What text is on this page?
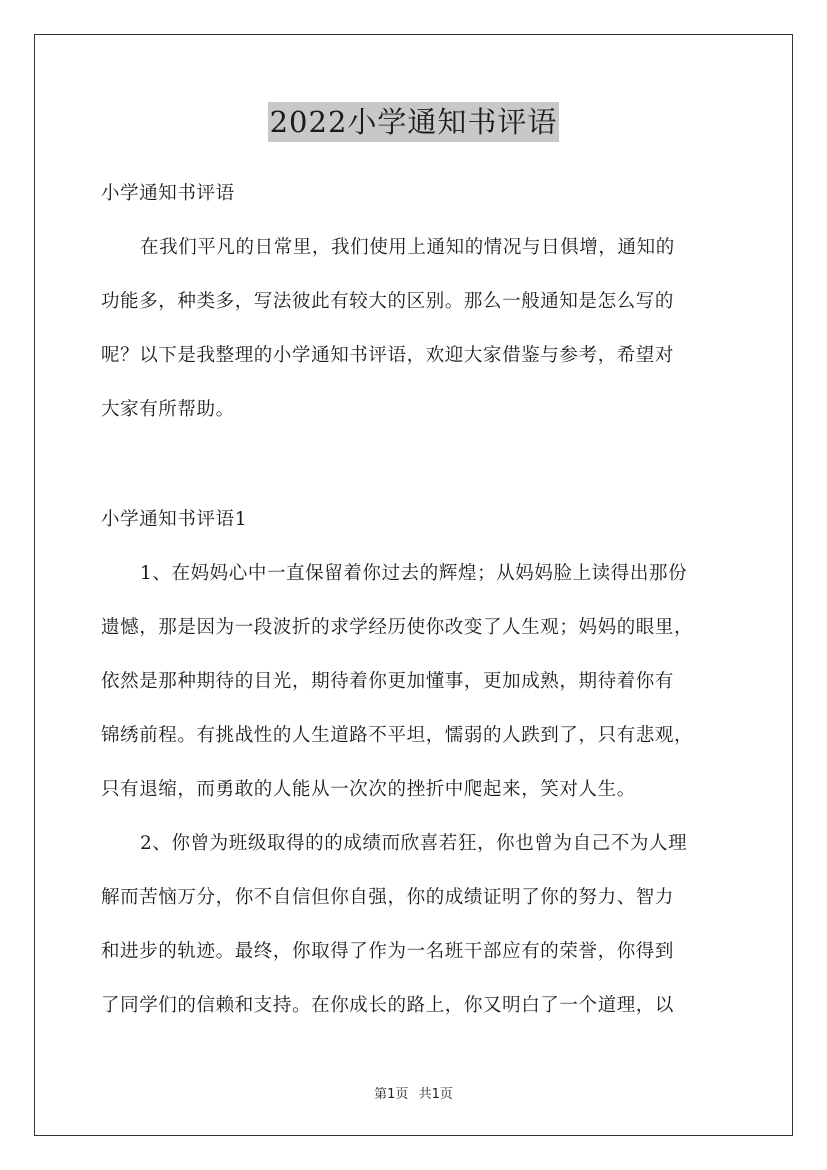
2022小学通知书评语
小学通知书评语
在我们平凡的日常里，我们使用上通知的情况与日俱增，通知的
功能多，种类多，写法彼此有较大的区别。那么一般通知是怎么写的
呢？以下是我整理的小学通知书评语，欢迎大家借鉴与参考，希望对
大家有所帮助。
小学通知书评语1
1、在妈妈心中一直保留着你过去的辉煌；从妈妈脸上读得出那份
遗憾，那是因为一段波折的求学经历使你改变了人生观；妈妈的眼里，
依然是那种期待的目光，期待着你更加懂事，更加成熟，期待着你有
锦绣前程。有挑战性的人生道路不平坦，懦弱的人跌到了，只有悲观，
只有退缩，而勇敢的人能从一次次的挫折中爬起来，笑对人生。
2、你曾为班级取得的的成绩而欣喜若狂，你也曾为自己不为人理
解而苦恼万分，你不自信但你自强，你的成绩证明了你的努力、智力
和进步的轨迹。最终，你取得了作为一名班干部应有的荣誉，你得到
了同学们的信赖和支持。在你成长的路上，你又明白了一个道理，以
第1页 共1页
